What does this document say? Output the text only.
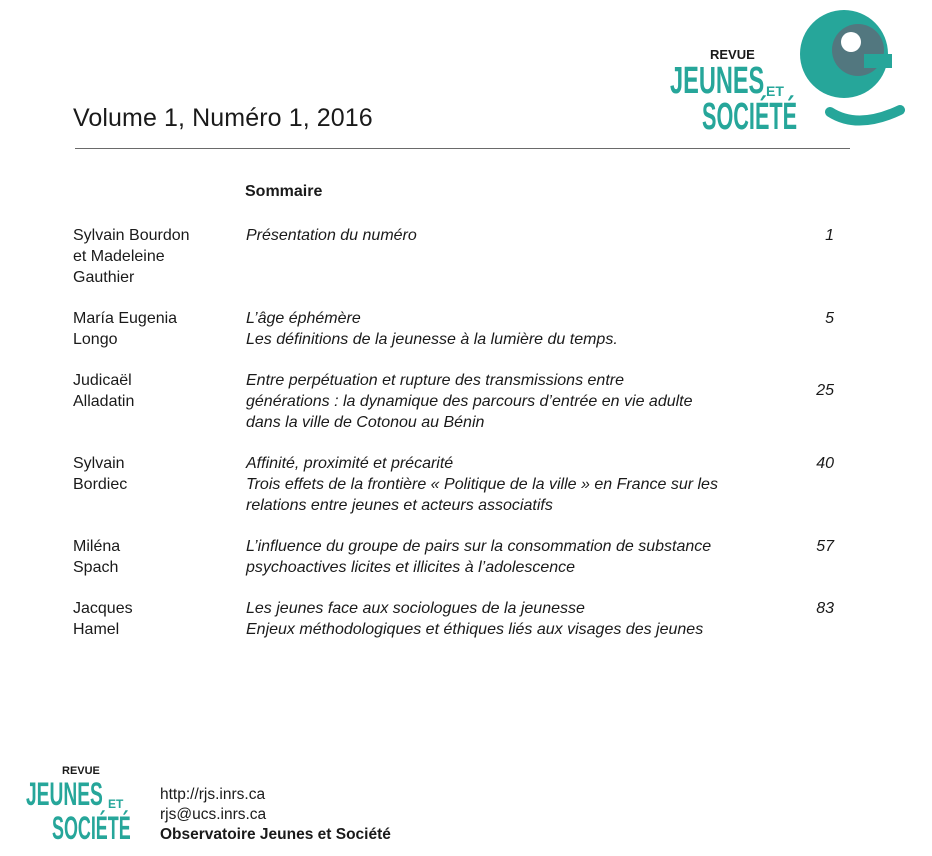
REVUE
JEUNES ET
SOCIÉTÉ
Volume 1, Numéro 1, 2016
Sommaire
Sylvain Bourdon
et Madeleine
Gauthier
Présentation du numéro	1
María Eugenia
Longo
L’âge éphémère
Les définitions de la jeunesse à la lumière du temps.
5
Judicaël
Alladatin
Entre perpétuation et rupture des transmissions entre
générations : la dynamique des parcours d’entrée en vie adulte
dans la ville de Cotonou au Bénin
25
Sylvain
Bordiec
Affinité, proximité et précarité
Trois effets de la frontière « Politique de la ville » en France sur les
relations entre jeunes et acteurs associatifs
40
Miléna
Spach
L’influence du groupe de pairs sur la consommation de substance
psychoactives licites et illicites à l’adolescence
57
Jacques
Hamel
Les jeunes face aux sociologues de la jeunesse
Enjeux méthodologiques et éthiques liés aux visages des jeunes
83
REVUE
JEUNES ET
SOCIÉTÉ
http://rjs.inrs.ca
rjs@ucs.inrs.ca
Observatoire Jeunes et Société
